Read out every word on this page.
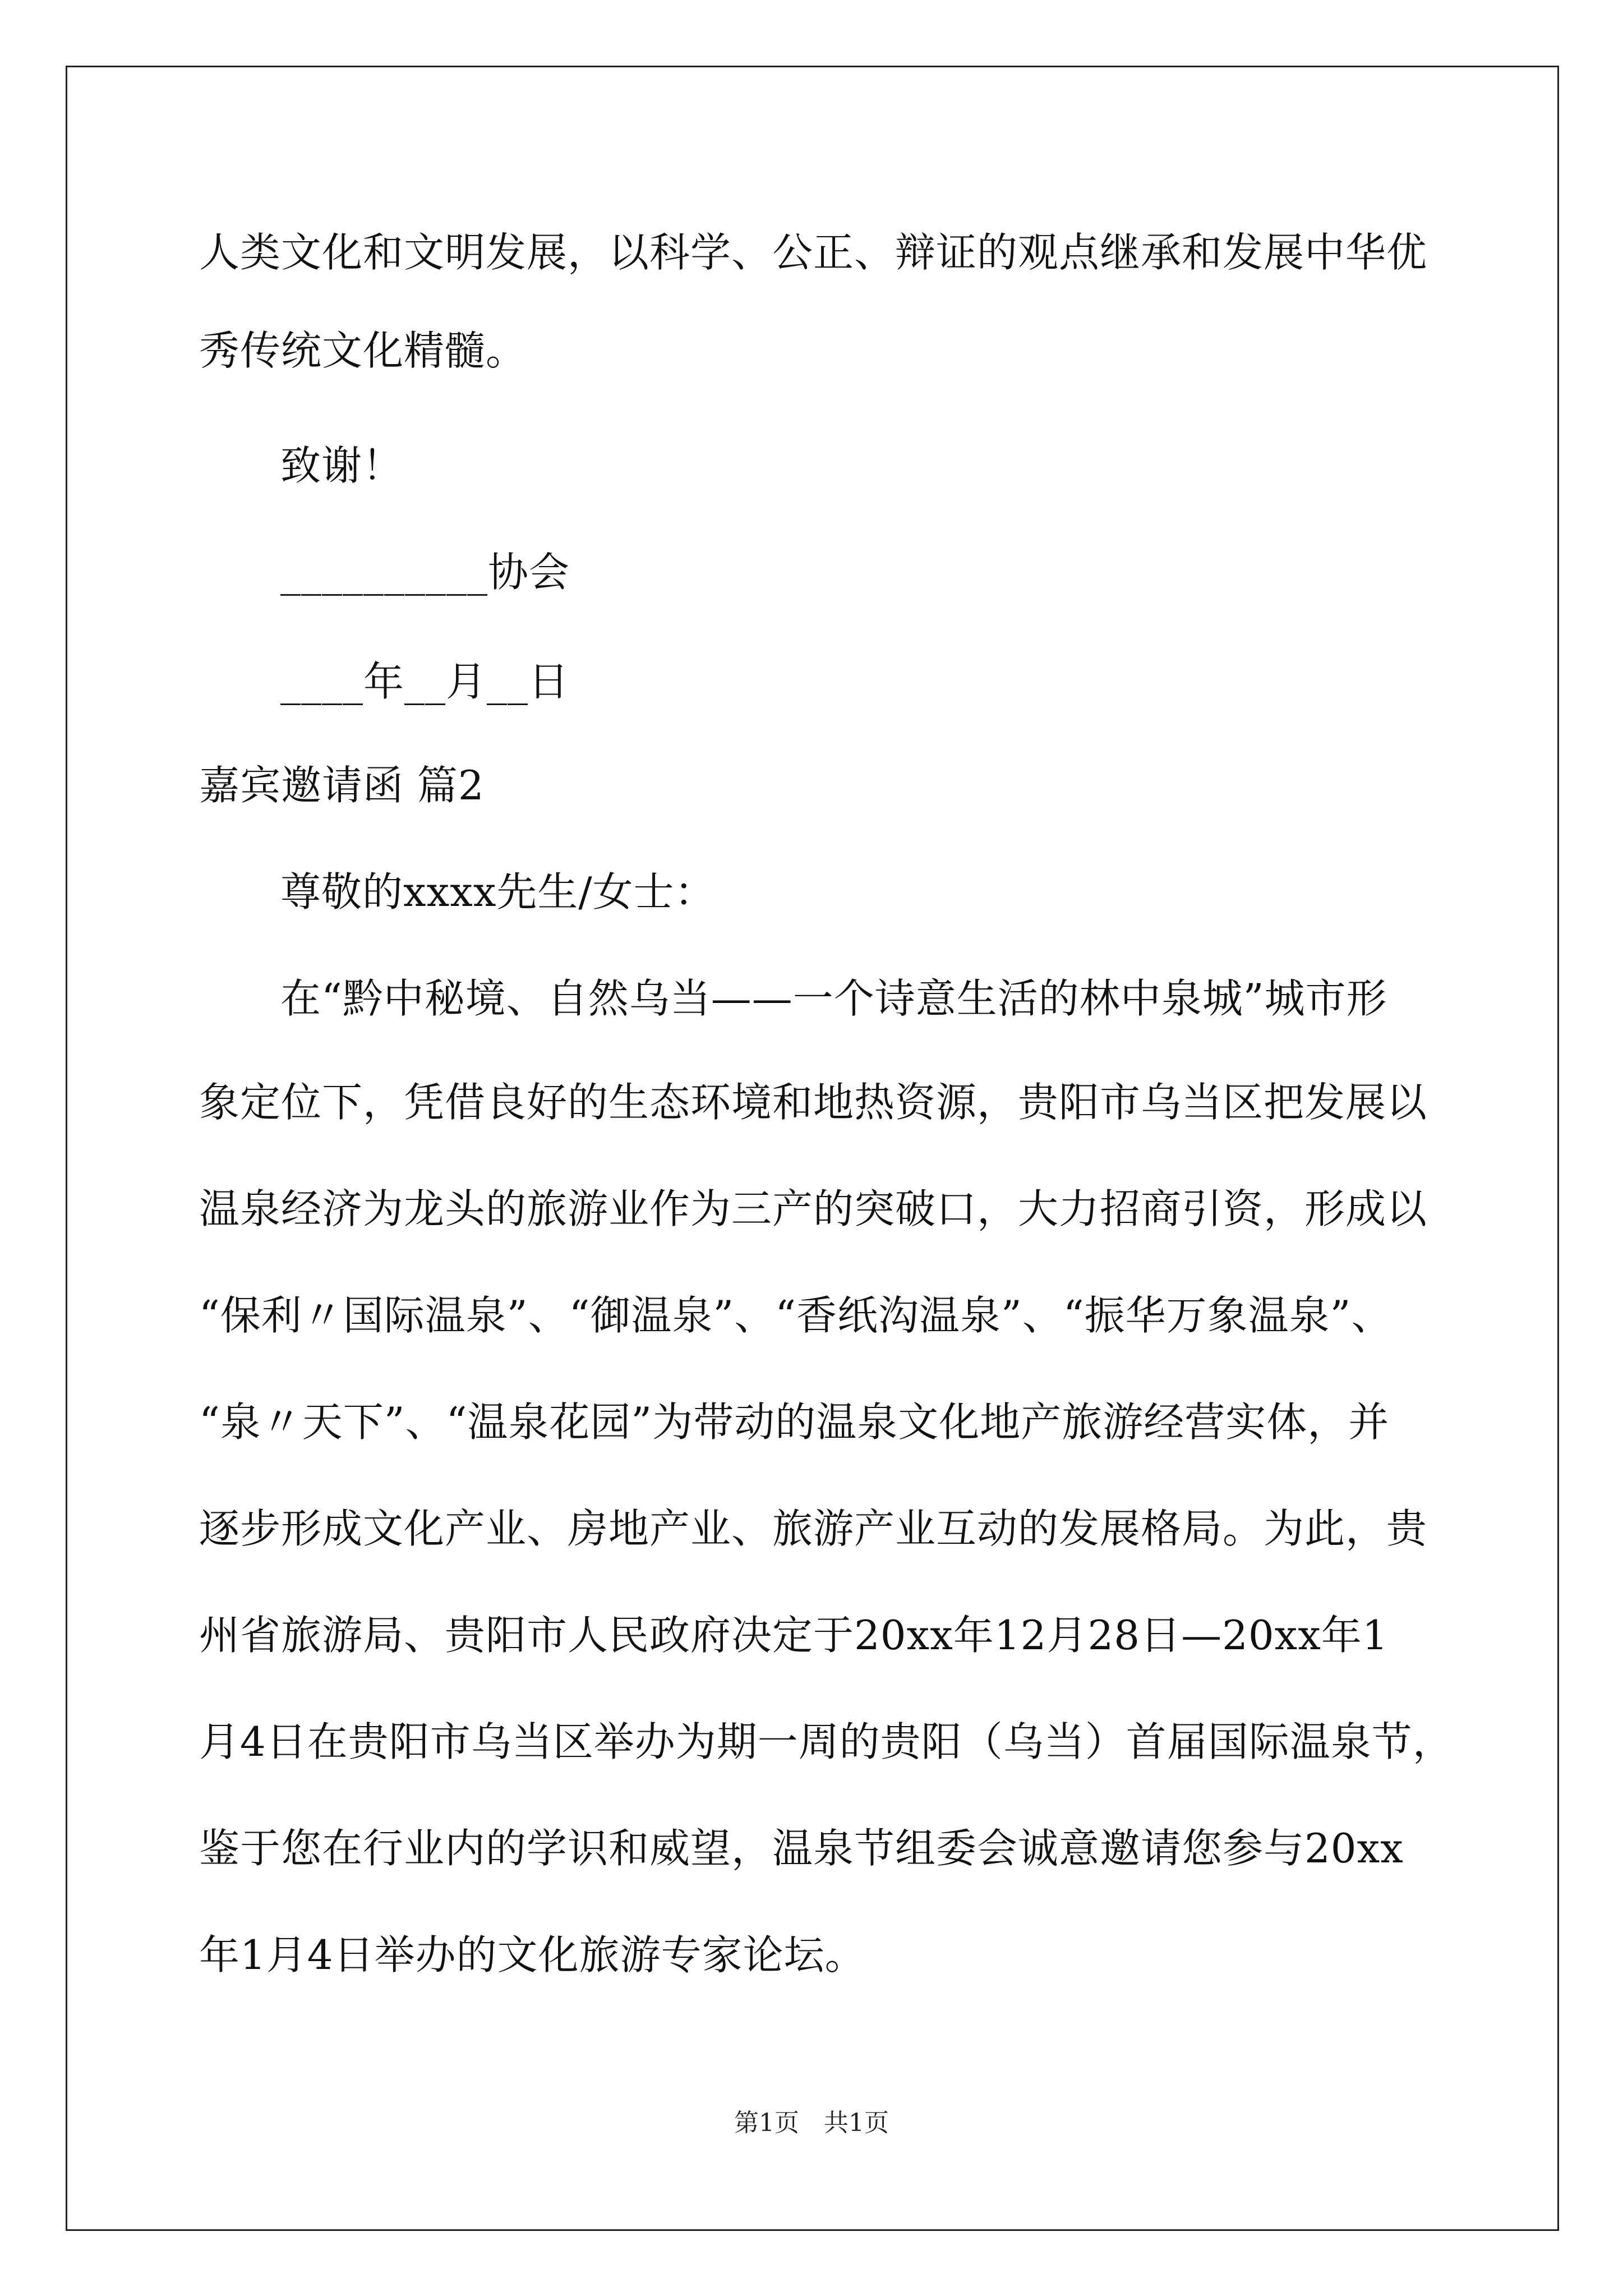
人类文化和文明发展，以科学、公正、辩证的观点继承和发展中华优
秀传统文化精髓。
致谢！
__________协会
____年__月__日
嘉宾邀请函 篇2
尊敬的xxxx先生/女士：
在“黔中秘境、自然乌当——一个诗意生活的林中泉城”城市形
象定位下，凭借良好的生态环境和地热资源，贵阳市乌当区把发展以
温泉经济为龙头的旅游业作为三产的突破口，大力招商引资，形成以
“保利〃国际温泉”、“御温泉”、“香纸沟温泉”、“振华万象温泉”、
“泉〃天下”、“温泉花园”为带动的温泉文化地产旅游经营实体，并
逐步形成文化产业、房地产业、旅游产业互动的发展格局。为此，贵
州省旅游局、贵阳市人民政府决定于20xx年12月28日—20xx年1
月4日在贵阳市乌当区举办为期一周的贵阳（乌当）首届国际温泉节，
鉴于您在行业内的学识和威望，温泉节组委会诚意邀请您参与20xx
年1月4日举办的文化旅游专家论坛。
第1页　共1页
